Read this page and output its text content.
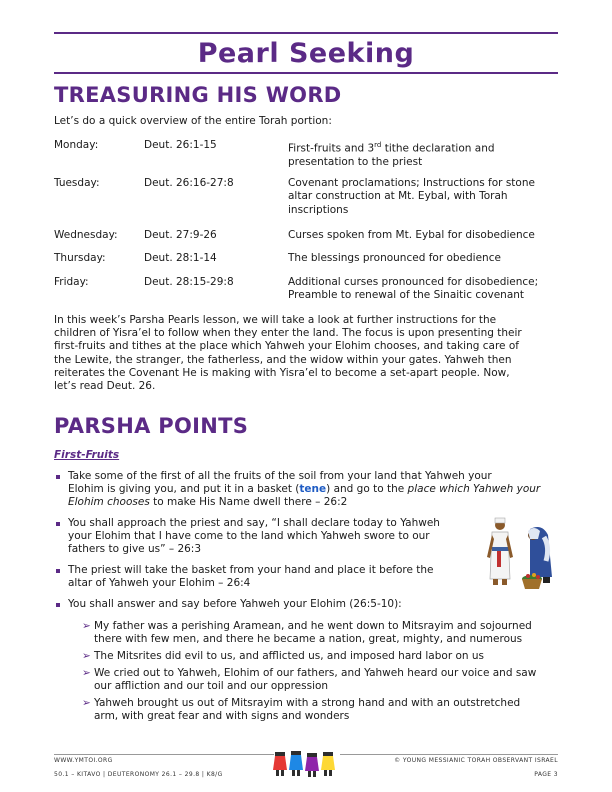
Pearl Seeking
TREASURING HIS WORD
Let’s do a quick overview of the entire Torah portion:
Monday:	Deut. 26:1-15	First-fruits and 3rd tithe declaration and
presentation to the priest
Tuesday:	Deut. 26:16-27:8	Covenant proclamations; Instructions for stone
altar construction at Mt. Eybal, with Torah
inscriptions
Wednesday:	Deut. 27:9-26	Curses spoken from Mt. Eybal for disobedience
Thursday:	Deut. 28:1-14	The blessings pronounced for obedience
Friday:	Deut. 28:15-29:8	Additional curses pronounced for disobedience;
Preamble to renewal of the Sinaitic covenant
In this week’s Parsha Pearls lesson, we will take a look at further instructions for the
children of Yisra’el to follow when they enter the land. The focus is upon presenting their
first-fruits and tithes at the place which Yahweh your Elohim chooses, and taking care of
the Lewite, the stranger, the fatherless, and the widow within your gates. Yahweh then
reiterates the Covenant He is making with Yisra’el to become a set-apart people. Now,
let’s read Deut. 26.
PARSHA POINTS
First-Fruits
Take some of the first of all the fruits of the soil from your land that Yahweh your
Elohim is giving you, and put it in a basket (tene) and go to the place which Yahweh your
Elohim chooses to make His Name dwell there – 26:2
You shall approach the priest and say, “I shall declare today to Yahweh
your Elohim that I have come to the land which Yahweh swore to our
fathers to give us” – 26:3
The priest will take the basket from your hand and place it before the
altar of Yahweh your Elohim – 26:4
You shall answer and say before Yahweh your Elohim (26:5-10):
➢ My father was a perishing Aramean, and he went down to Mitsrayim and sojourned
there with few men, and there he became a nation, great, mighty, and numerous
➢ The Mitsrites did evil to us, and afflicted us, and imposed hard labor on us
➢ We cried out to Yahweh, Elohim of our fathers, and Yahweh heard our voice and saw
our affliction and our toil and our oppression
➢ Yahweh brought us out of Mitsrayim with a strong hand and with an outstretched
arm, with great fear and with signs and wonders
WWW.YMTOI.ORG
50.1 – KITAVO | DEUTERONOMY 26.1 – 29.8 | K8/G
© YOUNG MESSIANIC TORAH OBSERVANT ISRAEL
PAGE 3
